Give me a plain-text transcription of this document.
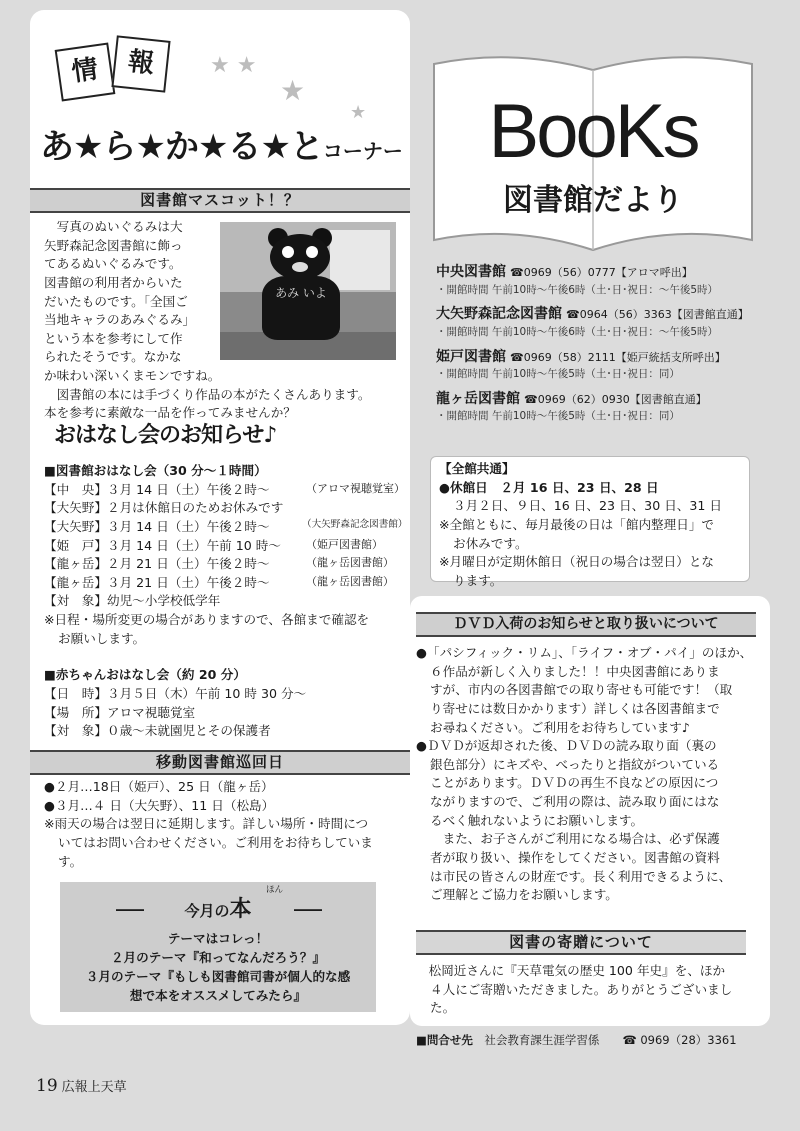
情	報	★ ★
★
★
あ★ら★か★る★とコーナー
図書館マスコット！？
　写真のぬいぐるみは大
矢野森記念図書館に飾っ
てあるぬいぐるみです。
図書館の利用者からいた
だいたものです。「全国ご
当地キャラのあみぐるみ」
という本を参考にして作
られたそうです。なかな
か味わい深いくまモンですね。
　図書館の本には手づくり作品の本がたくさんあります。
本を参考に素敵な一品を作ってみませんか？
あみ いよ
おはなし会のお知らせ♪
■図書館おはなし会（30 分～１時間）
【中　央】３月 14 日（土）午後２時～	（アロマ視聴覚室）
【大矢野】２月は休館日のためお休みです
【大矢野】３月 14 日（土）午後２時～	（大矢野森記念図書館）
【姫　戸】３月 14 日（土）午前 10 時～ （姫戸図書館）
【龍ヶ岳】２月 21 日（土）午後２時～	（龍ヶ岳図書館）
【龍ヶ岳】３月 21 日（土）午後２時～	（龍ヶ岳図書館）
【対　象】幼児～小学校低学年
※日程・場所変更の場合がありますので、各館まで確認を
お願いします。
■赤ちゃんおはなし会（約 20 分）
【日　時】３月５日（木）午前 10 時 30 分～
【場　所】アロマ視聴覚室
【対　象】０歳～未就園児とその保護者
移動図書館巡回日
●２月…18日（姫戸）、25 日（龍ヶ岳）
●３月…４ 日（大矢野）、11 日（松島）
※雨天の場合は翌日に延期します。詳しい場所・時間につ
いてはお問い合わせください。ご利用をお待ちしていま
す。
ほん
――	今月の本	――
テーマはコレっ！
２月のテーマ『和ってなんだろう？』
３月のテーマ『もしも図書館司書が個人的な感
想で本をオススメしてみたら』
BooKs
図書館だより
中央図書館 ☎0969（56）0777【アロマ呼出】
・開館時間 午前10時～午後6時（土･日･祝日：～午後5時）
大矢野森記念図書館 ☎0964（56）3363【図書館直通】
・開館時間 午前10時～午後6時（土･日･祝日：～午後5時）
姫戸図書館 ☎0969（58）2111【姫戸統括支所呼出】
・開館時間 午前10時～午後5時（土･日･祝日：同）
龍ヶ岳図書館 ☎0969（62）0930【図書館直通】
・開館時間 午前10時～午後5時（土･日･祝日：同）
【全館共通】
●休館日　２月 16 日、23 日、28 日
３月２日、９日、16 日、23 日、30 日、31 日
※全館ともに、毎月最後の日は「館内整理日」で
お休みです。
※月曜日が定期休館日（祝日の場合は翌日）とな
ります。
ＤＶＤ入荷のお知らせと取り扱いについて
●「パシフィック・リム」、「ライフ・オブ・パイ」のほか、
６作品が新しく入りました！！中央図書館にありま
すが、市内の各図書館での取り寄せも可能です！（取
り寄せには数日かかります）詳しくは各図書館まで
お尋ねください。ご利用をお待ちしています♪
●ＤＶＤが返却された後、ＤＶＤの読み取り面（裏の
銀色部分）にキズや、べったりと指紋がついている
ことがあります。ＤＶＤの再生不良などの原因につ
ながりますので、ご利用の際は、読み取り面にはな
るべく触れないようにお願いします。
　また、お子さんがご利用になる場合は、必ず保護
者が取り扱い、操作をしてください。図書館の資料
は市民の皆さんの財産です。長く利用できるように、
ご理解とご協力をお願いします。
図書の寄贈について
　松岡近さんに『天草電気の歴史 100 年史』を、ほか
４人にご寄贈いただきました。ありがとうございまし
た。
■問合せ先　 社会教育課生涯学習係　　 ☎ 0969（28）3361
19 広報上天草
